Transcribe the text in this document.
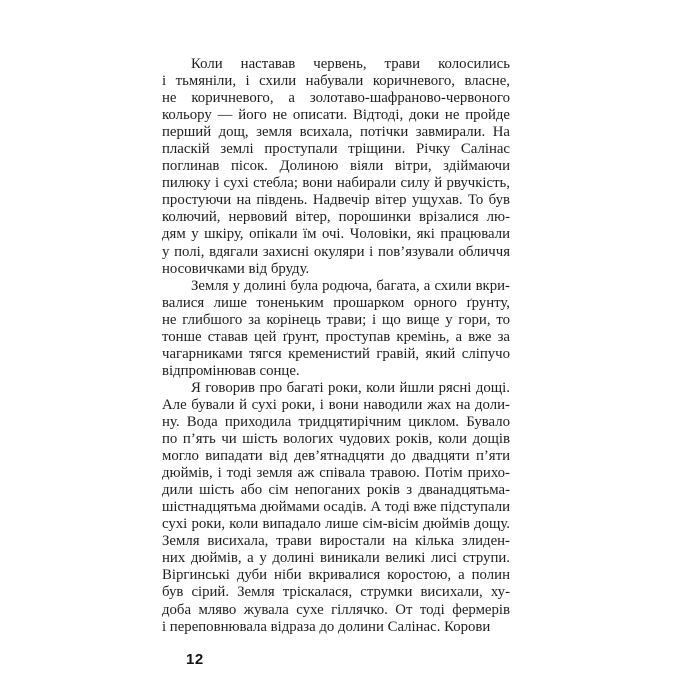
Коли наставав червень, трави колосились
і тьмяніли, і схили набували коричневого, власне,
не коричневого, а золотаво-шафраново-червоного
кольору — його не описати. Відтоді, доки не пройде
перший дощ, земля всихала, потічки завмирали. На
пласкій землі проступали тріщини. Річку Салінас
поглинав пісок. Долиною віяли вітри, здіймаючи
пилюку і сухі стебла; вони набирали силу й рвучкість,
простуючи на південь. Надвечір вітер ущухав. То був
колючий, нервовий вітер, порошинки врізалися лю-
дям у шкіру, опікали їм очі. Чоловіки, які працювали
у полі, вдягали захисні окуляри і пов’язували обличчя
носовичками від бруду.
Земля у долині була родюча, багата, а схили вкри-
валися лише тоненьким прошарком орного ґрунту,
не глибшого за корінець трави; і що вище у гори, то
тонше ставав цей ґрунт, проступав кремінь, а вже за
чагарниками тягся кременистий гравій, який сліпучо
відпромінював сонце.
Я говорив про багаті роки, коли йшли рясні дощі.
Але бували й сухі роки, і вони наводили жах на доли-
ну. Вода приходила тридцятирічним циклом. Бувало
по п’ять чи шість вологих чудових років, коли дощів
могло випадати від дев’ятнадцяти до двадцяти п’яти
дюймів, і тоді земля аж співала травою. Потім прихо-
дили шість або сім непоганих років з дванадцятьма-
шістнадцятьма дюймами осадів. А тоді вже підступали
сухі роки, коли випадало лише сім-вісім дюймів дощу.
Земля висихала, трави виростали на кілька злиден-
них дюймів, а у долині виникали великі лисі струпи.
Віргинські дуби ніби вкривалися коростою, а полин
був сірий. Земля тріскалася, струмки висихали, ху-
доба мляво жувала сухе гіллячко. От тоді фермерів
і переповнювала відраза до долини Салінас. Корови
12
